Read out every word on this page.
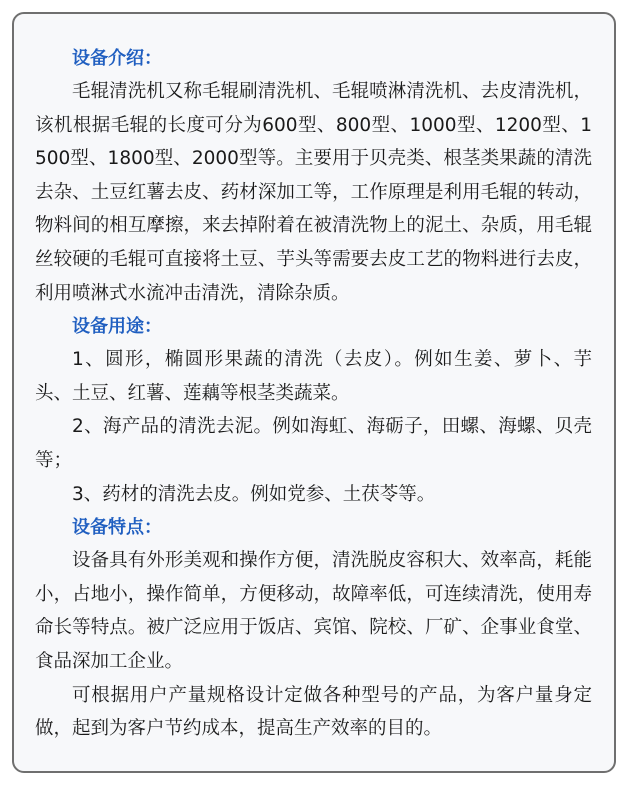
设备介绍：

毛辊清洗机又称毛辊刷清洗机、毛辊喷淋清洗机、去皮清洗机，该机根据毛辊的长度可分为600型、800型、1000型、1200型、1500型、1800型、2000型等。主要用于贝壳类、根茎类果蔬的清洗去杂、土豆红薯去皮、药材深加工等，工作原理是利用毛辊的转动，物料间的相互摩擦，来去掉附着在被清洗物上的泥土、杂质，用毛辊丝较硬的毛辊可直接将土豆、芋头等需要去皮工艺的物料进行去皮，利用喷淋式水流冲击清洗，清除杂质。

设备用途：

1、圆形，椭圆形果蔬的清洗（去皮）。例如生姜、萝卜、芋头、土豆、红薯、莲藕等根茎类蔬菜。

2、海产品的清洗去泥。例如海虹、海砺子，田螺、海螺、贝壳等；

3、药材的清洗去皮。例如党参、土茯苓等。

设备特点：

设备具有外形美观和操作方便，清洗脱皮容积大、效率高，耗能小，占地小，操作简单，方便移动，故障率低，可连续清洗，使用寿命长等特点。被广泛应用于饭店、宾馆、院校、厂矿、企事业食堂、食品深加工企业。

可根据用户产量规格设计定做各种型号的产品，为客户量身定做，起到为客户节约成本，提高生产效率的目的。
